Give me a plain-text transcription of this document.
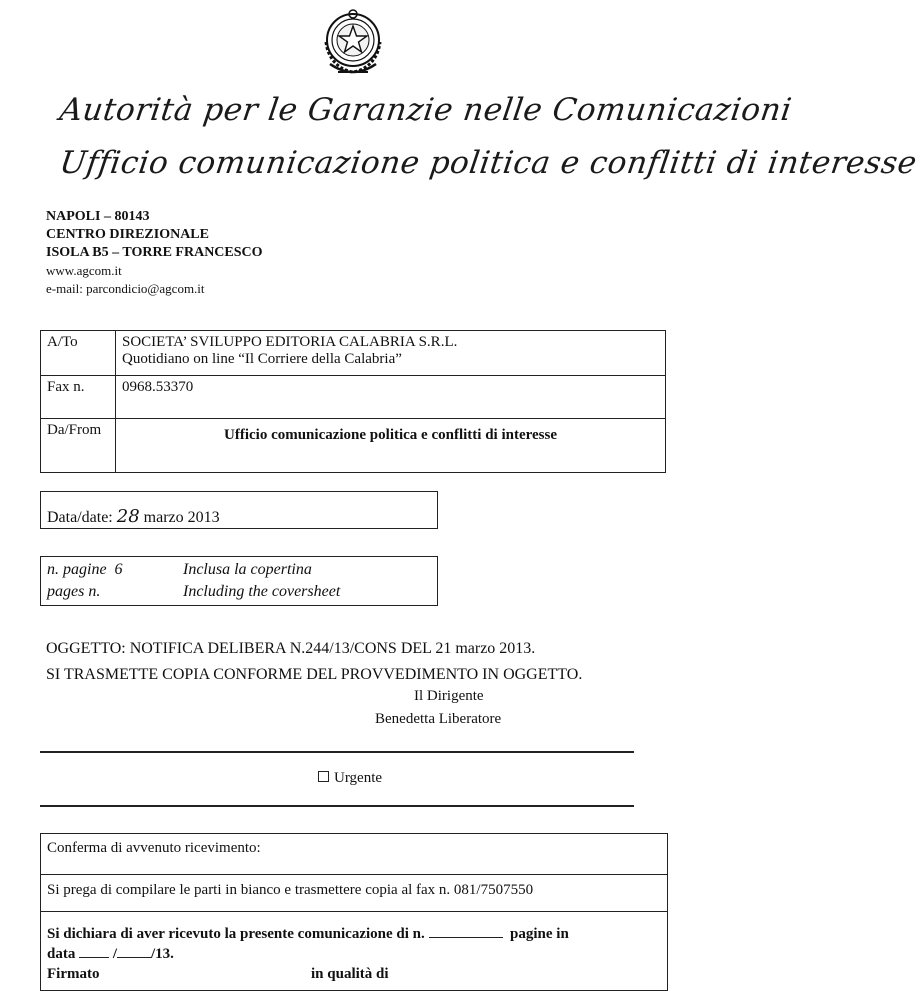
Autorità per le Garanzie nelle Comunicazioni
Ufficio comunicazione politica e conflitti di interesse
NAPOLI – 80143
CENTRO DIREZIONALE
ISOLA B5 – TORRE FRANCESCO
www.agcom.it
e-mail: parcondicio@agcom.it
A/To	SOCIETA’ SVILUPPO EDITORIA CALABRIA S.R.L.
Quotidiano on line “Il Corriere della Calabria”

Fax n.	0968.53370
Da/From	Ufficio comunicazione politica e conflitti di interesse
Data/date: 28 marzo 2013
n. pagine 6	Inclusa la copertina
pages n.	Including the coversheet
OGGETTO: NOTIFICA DELIBERA N.244/13/CONS DEL 21 marzo 2013.
SI TRASMETTE COPIA CONFORME DEL PROVVEDIMENTO IN OGGETTO.
Il Dirigente
Benedetta Liberatore
Urgente
Conferma di avvenuto ricevimento:
Si prega di compilare le parti in bianco e trasmettere copia al fax n. 081/7507550
Si dichiara di aver ricevuto la presente comunicazione di n.	pagine in
data	/ /13.
Firmato	in qualità di
